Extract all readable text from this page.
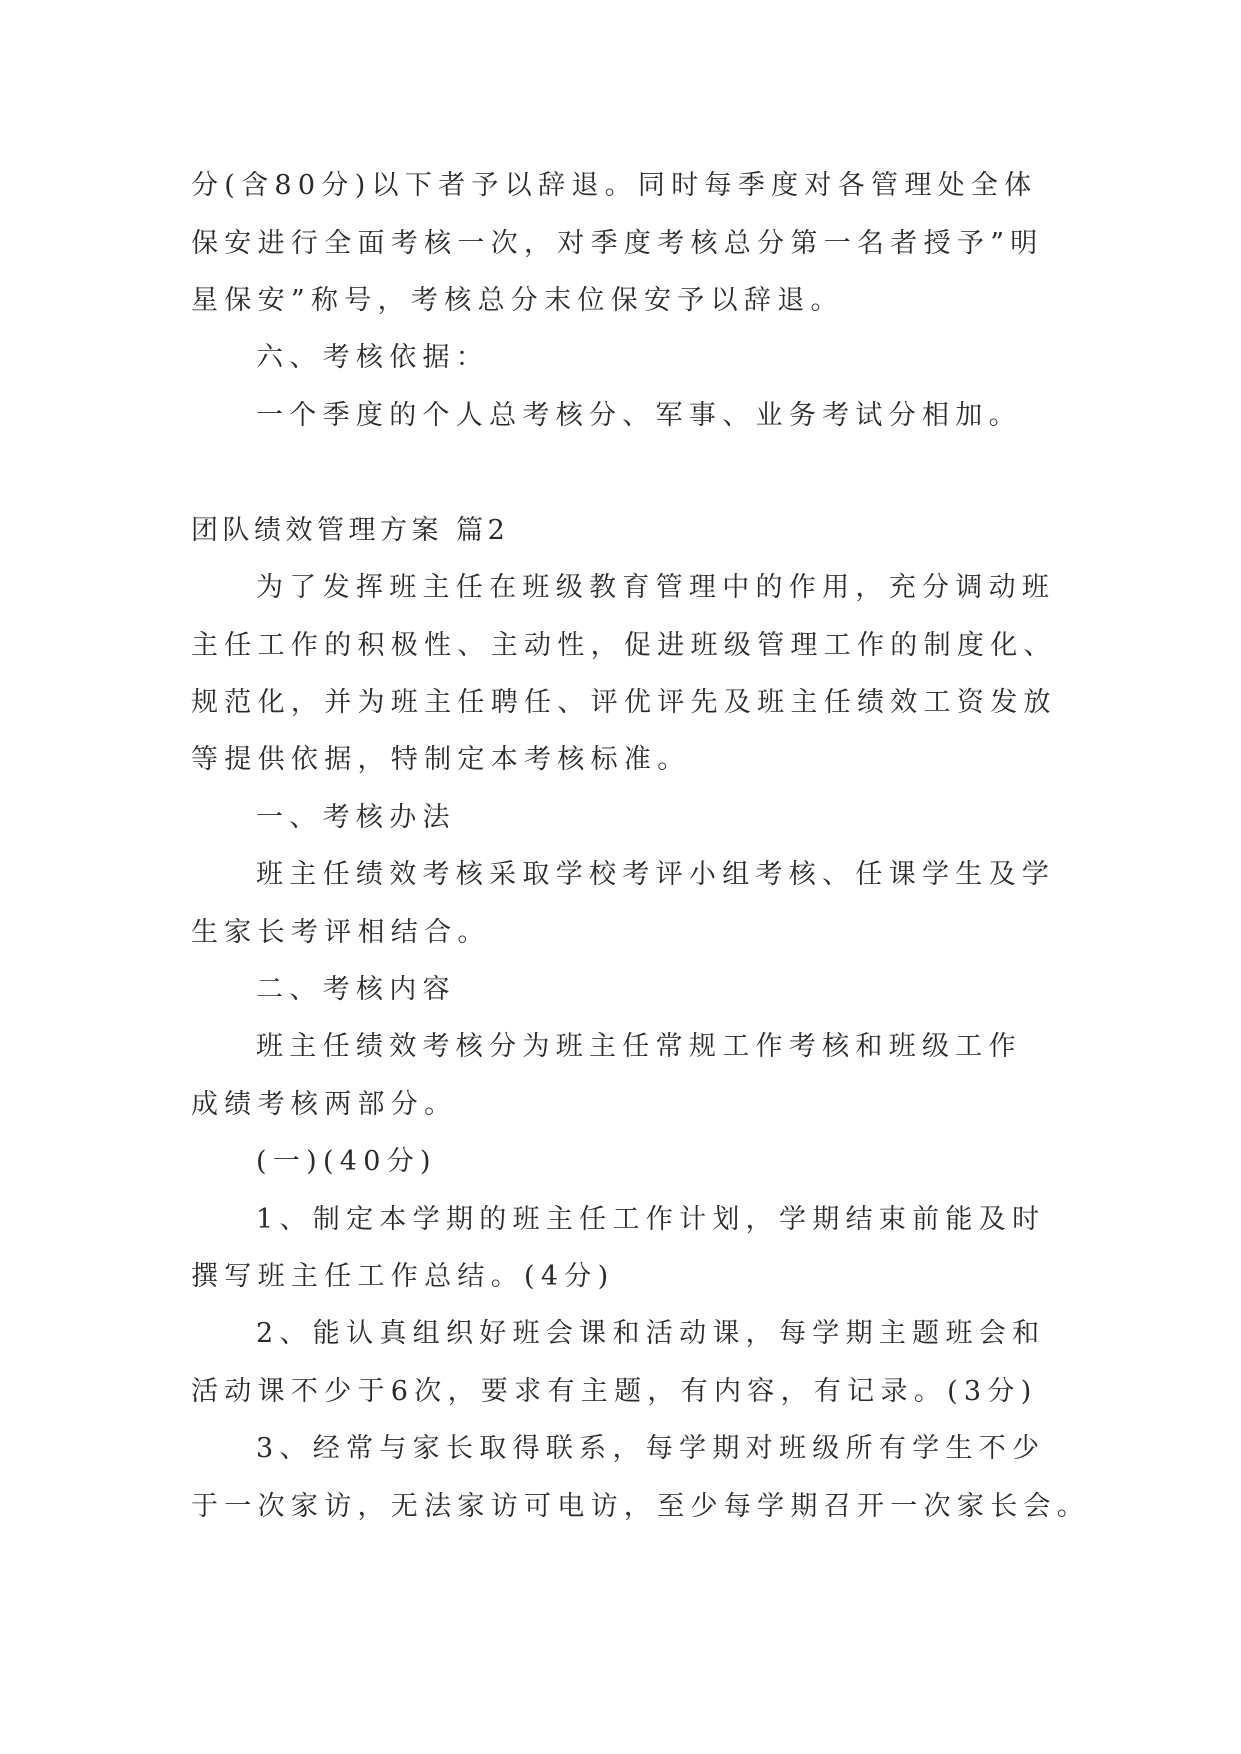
分(含80分)以下者予以辞退。同时每季度对各管理处全体

保安进行全面考核一次，对季度考核总分第一名者授予”明

星保安”称号，考核总分末位保安予以辞退。

六、考核依据：

一个季度的个人总考核分、军事、业务考试分相加。

团队绩效管理方案 篇2

为了发挥班主任在班级教育管理中的作用，充分调动班

主任工作的积极性、主动性，促进班级管理工作的制度化、

规范化，并为班主任聘任、评优评先及班主任绩效工资发放

等提供依据，特制定本考核标准。

一、考核办法

班主任绩效考核采取学校考评小组考核、任课学生及学

生家长考评相结合。

二、考核内容

班主任绩效考核分为班主任常规工作考核和班级工作

成绩考核两部分。

(一)(40分)

1、制定本学期的班主任工作计划，学期结束前能及时

撰写班主任工作总结。(4分)

2、能认真组织好班会课和活动课，每学期主题班会和

活动课不少于6次，要求有主题，有内容，有记录。(3分)

3、经常与家长取得联系，每学期对班级所有学生不少

于一次家访，无法家访可电访，至少每学期召开一次家长会。
